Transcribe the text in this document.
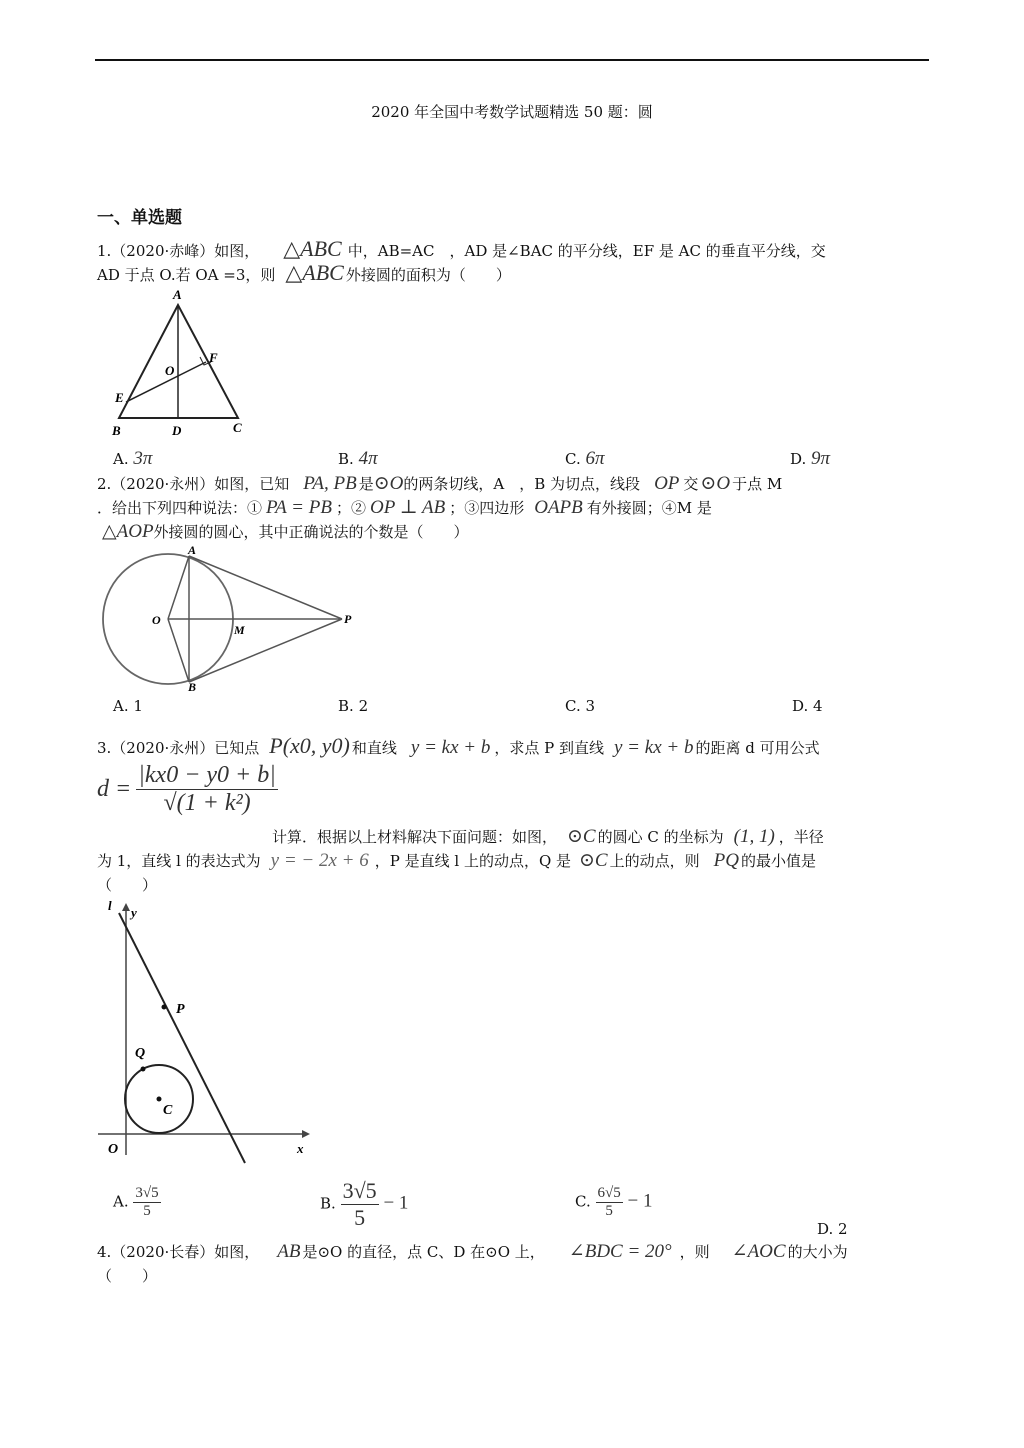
2020 年全国中考数学试题精选 50 题：圆
一、单选题
1.（2020·赤峰）如图， △ABC 中，AB=AC　，AD 是∠BAC 的平分线，EF 是 AC 的垂直平分线，交
AD 于点 O.若 OA =3，则 △ABC 外接圆的面积为（　　）
A
F
O
E
B	D	C
A. 3π	B. 4π	C. 6π	D. 9π
2.（2020·永州）如图，已知 PA, PB 是⊙O的两条切线，A　，B 为切点，线段 OP 交 ⊙O 于点 M
．给出下列四种说法：① PA = PB ；② OP ⊥ AB ；③四边形 OAPB 有外接圆；④M 是
△AOP外接圆的圆心，其中正确说法的个数是（　　）
A
O
M
P
B
A. 1	B. 2	C. 3	D. 4
3.（2020·永州）已知点 P(x0, y0) 和直线 y = kx + b ，求点 P 到直线 y = kx + b 的距离 d 可用公式
$d = \frac{|kx0 - y0 + b|}{\text{√(1 + k²)}}$
计算．根据以上材料解决下面问题：如图， ⊙C 的圆心 C 的坐标为 (1, 1) ，半径
为 1，直线 l 的表达式为 y = − 2x + 6 ，P 是直线 l 上的动点，Q 是 ⊙C 上的动点，则 PQ 的最小值是
（　　）
l y
P
Q
C
O	x
A. $\frac{3√5}{5}$	B. $\frac{3√5}{5} - 1$	C. $\frac{6√5}{5} - 1$
D. 2
4.（2020·长春）如图， AB 是⊙O 的直径，点 C、D 在⊙O 上， ∠BDC = 20° ，则 ∠AOC 的大小为
（　　）
